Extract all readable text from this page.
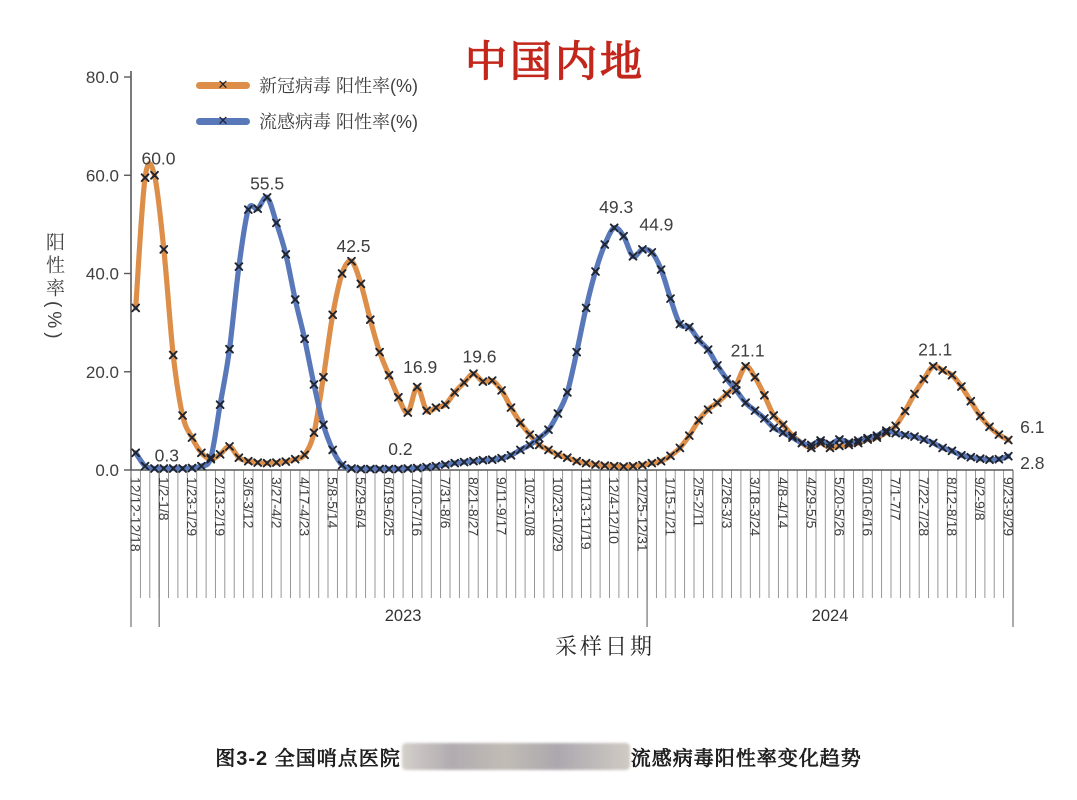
2023	2024
0.0
20.0
40.0
60.0
80.0
12/12-12/18 1/2-1/8 1/23-1/29 2/13-2/19 3/6-3/12 3/27-4/2 4/17-4/23 5/8-5/14 5/29-6/4 6/19-6/25 7/10-7/16 7/31-8/6 8/21-8/27 9/11-9/17 10/2-10/8 10/23-10/29 11/13-11/19 12/4-12/10 12/25-12/31 1/15-1/21 2/5-2/11 2/26-3/3 3/18-3/24 4/8-4/14 4/29-5/5 5/20-5/26 6/10-6/16 7/1-7/7 7/22-7/28 8/12-8/18 9/2-9/8 9/23-9/29
60.0
0.3
55.5
42.5
0.2
16.9
19.6
49.3
44.9
21.1	21.1
6.1
2.8
中国内地
✕ 新冠病毒 阳性率(%)
✕ 流感病毒 阳性率(%)
阳性率(%)
采样日期
图3-2 全国哨点医院	流感病毒阳性率变化趋势
